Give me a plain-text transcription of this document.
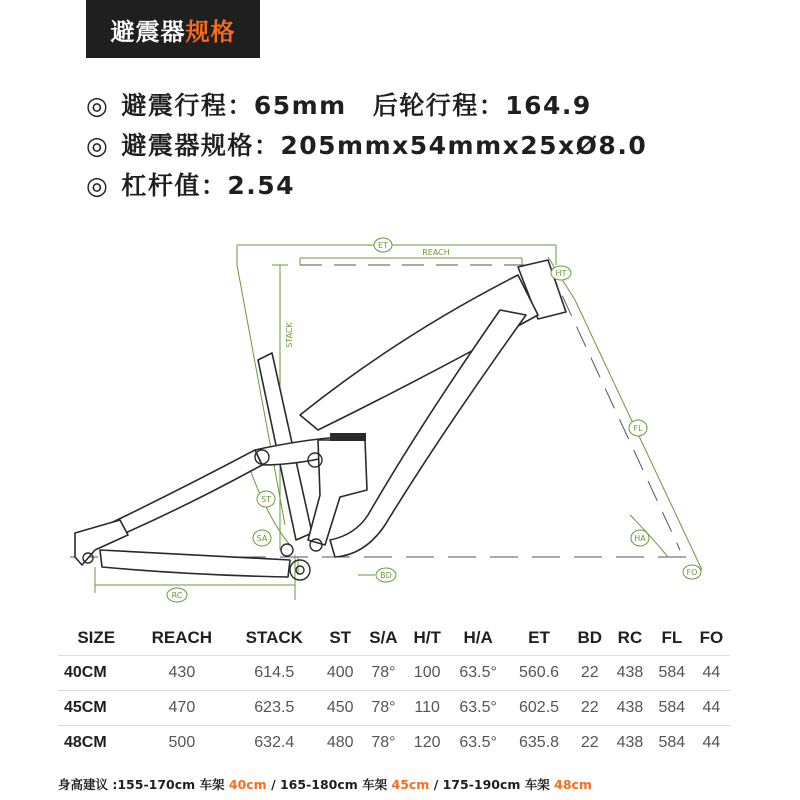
避震器 规格
◎ 避震行程：65mm 后轮行程：164.9
◎ 避震器规格：205mmx54mmx25xØ8.0
◎ 杠杆值：2.54
ET
REACH
STACK
HT
FL
HA
FO
ST
SA
BD
RC
SIZE	REACH	STACK	ST	S/A	H/T	H/A	ET	BD	RC	FL	FO
40CM	430	614.5	400	78°	100	63.5°	560.6	22	438	584	44
45CM	470	623.5	450	78°	110	63.5°	602.5	22	438	584	44
48CM	500	632.4	480	78°	120	63.5°	635.8	22	438	584	44
身高建议 :155-170cm 车架 40cm / 165-180cm 车架 45cm / 175-190cm 车架 48cm
